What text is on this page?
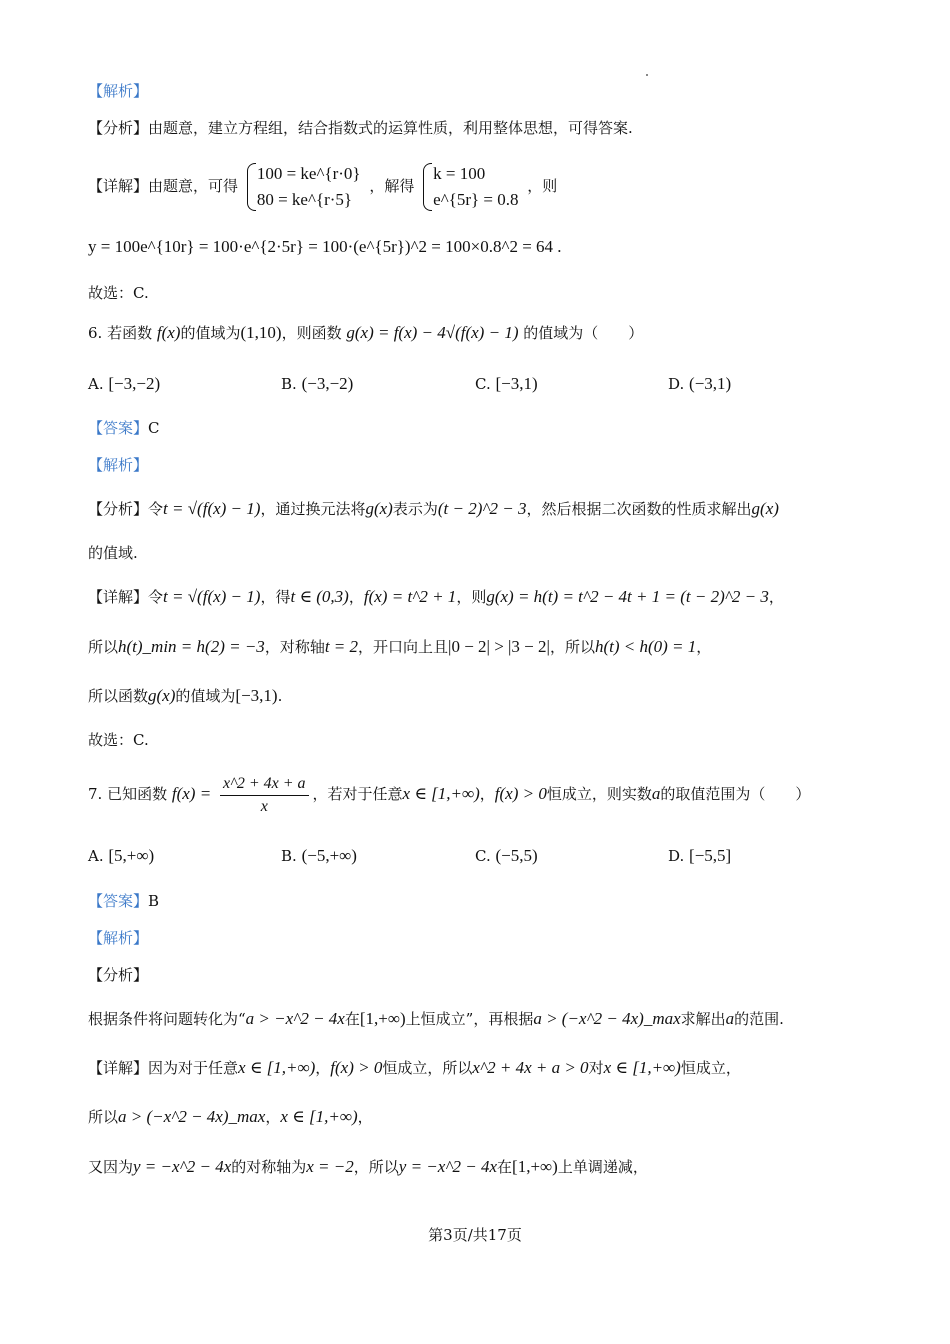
【解析】
【分析】由题意，建立方程组，结合指数式的运算性质，利用整体思想，可得答案.
【详解】由题意，可得
100 = ke^{r·0}
80 = ke^{r·5}
，解得
k = 100
e^{5r} = 0.8
，则
y = 100e^{10r} = 100·e^{2·5r} = 100·(e^{5r})^2 = 100×0.8^2 = 64 .
故选：C.
6. 若函数 f(x)的值域为(1,10)，则函数 g(x) = f(x) − 4√(f(x) − 1) 的值域为（　　）
A. [−3,−2)	B. (−3,−2)	C. [−3,1)	D. (−3,1)
【答案】C
【解析】
【分析】令t = √(f(x) − 1)，通过换元法将g(x)表示为(t − 2)^2 − 3，然后根据二次函数的性质求解出g(x)
的值域.
【详解】令t = √(f(x) − 1)，得t ∈ (0,3)，f(x) = t^2 + 1，则g(x) = h(t) = t^2 − 4t + 1 = (t − 2)^2 − 3，
所以h(t)_min = h(2) = −3，对称轴t = 2，开口向上且|0 − 2| > |3 − 2|，所以h(t) < h(0) = 1，
所以函数g(x)的值域为[−3,1).
故选：C.
7. 已知函数 $f(x) = \frac{x\^{}2 + 4x + a}{x}$ ，若对于任意x ∈ [1,+∞)，f(x) > 0恒成立，则实数a的取值范围为（　　）
A. [5,+∞)	B. (−5,+∞)	C. (−5,5)	D. [−5,5]
【答案】B
【解析】
【分析】
根据条件将问题转化为“a > −x^2 − 4x在[1,+∞)上恒成立”，再根据a > (−x^2 − 4x)_max求解出a的范围.
【详解】因为对于任意x ∈ [1,+∞)，f(x) > 0恒成立，所以x^2 + 4x + a > 0对x ∈ [1,+∞)恒成立，
所以a > (−x^2 − 4x)_max，x ∈ [1,+∞)，
又因为y = −x^2 − 4x的对称轴为x = −2，所以y = −x^2 − 4x在[1,+∞)上单调递减，
第3页/共17页
